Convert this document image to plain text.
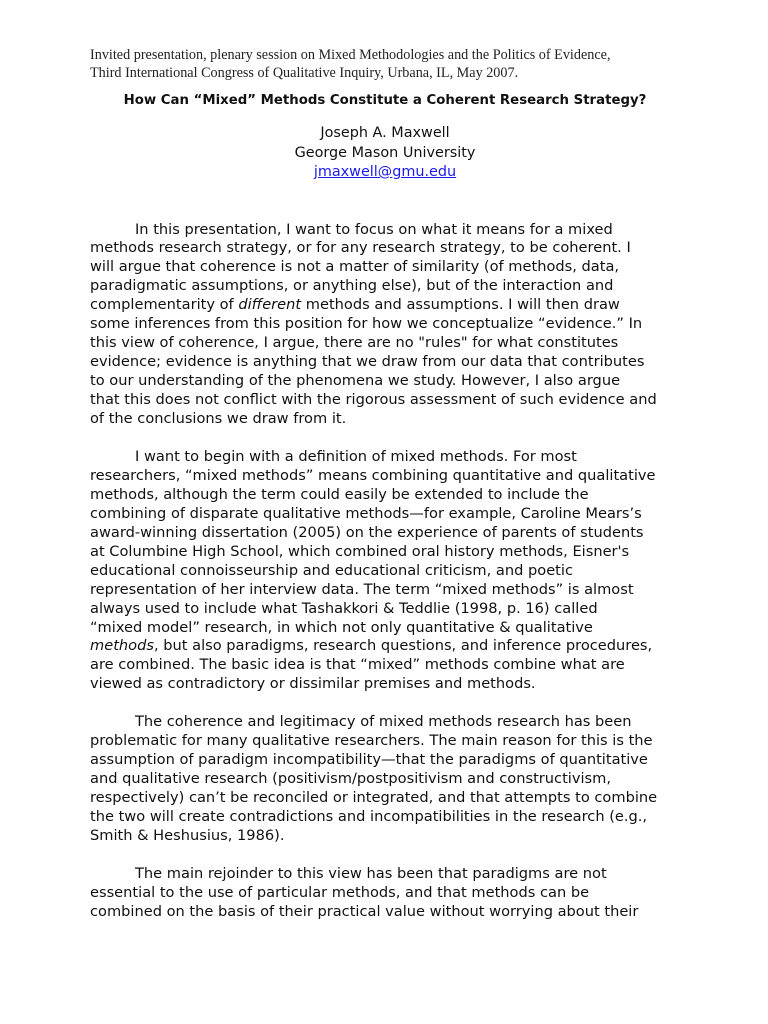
Invited presentation, plenary session on Mixed Methodologies and the Politics of Evidence,
Third International Congress of Qualitative Inquiry, Urbana, IL, May 2007.
How Can “Mixed” Methods Constitute a Coherent Research Strategy?
Joseph A. Maxwell
George Mason University
jmaxwell@gmu.edu
In this presentation, I want to focus on what it means for a mixed
methods research strategy, or for any research strategy, to be coherent. I
will argue that coherence is not a matter of similarity (of methods, data,
paradigmatic assumptions, or anything else), but of the interaction and
complementarity of different methods and assumptions. I will then draw
some inferences from this position for how we conceptualize “evidence.” In
this view of coherence, I argue, there are no "rules" for what constitutes
evidence; evidence is anything that we draw from our data that contributes
to our understanding of the phenomena we study. However, I also argue
that this does not conflict with the rigorous assessment of such evidence and
of the conclusions we draw from it.
I want to begin with a definition of mixed methods. For most
researchers, “mixed methods” means combining quantitative and qualitative
methods, although the term could easily be extended to include the
combining of disparate qualitative methods—for example, Caroline Mears’s
award-winning dissertation (2005) on the experience of parents of students
at Columbine High School, which combined oral history methods, Eisner's
educational connoisseurship and educational criticism, and poetic
representation of her interview data. The term “mixed methods” is almost
always used to include what Tashakkori & Teddlie (1998, p. 16) called
“mixed model” research, in which not only quantitative & qualitative
methods, but also paradigms, research questions, and inference procedures,
are combined. The basic idea is that “mixed” methods combine what are
viewed as contradictory or dissimilar premises and methods.
The coherence and legitimacy of mixed methods research has been
problematic for many qualitative researchers. The main reason for this is the
assumption of paradigm incompatibility—that the paradigms of quantitative
and qualitative research (positivism/postpositivism and constructivism,
respectively) can’t be reconciled or integrated, and that attempts to combine
the two will create contradictions and incompatibilities in the research (e.g.,
Smith & Heshusius, 1986).
The main rejoinder to this view has been that paradigms are not
essential to the use of particular methods, and that methods can be
combined on the basis of their practical value without worrying about their
